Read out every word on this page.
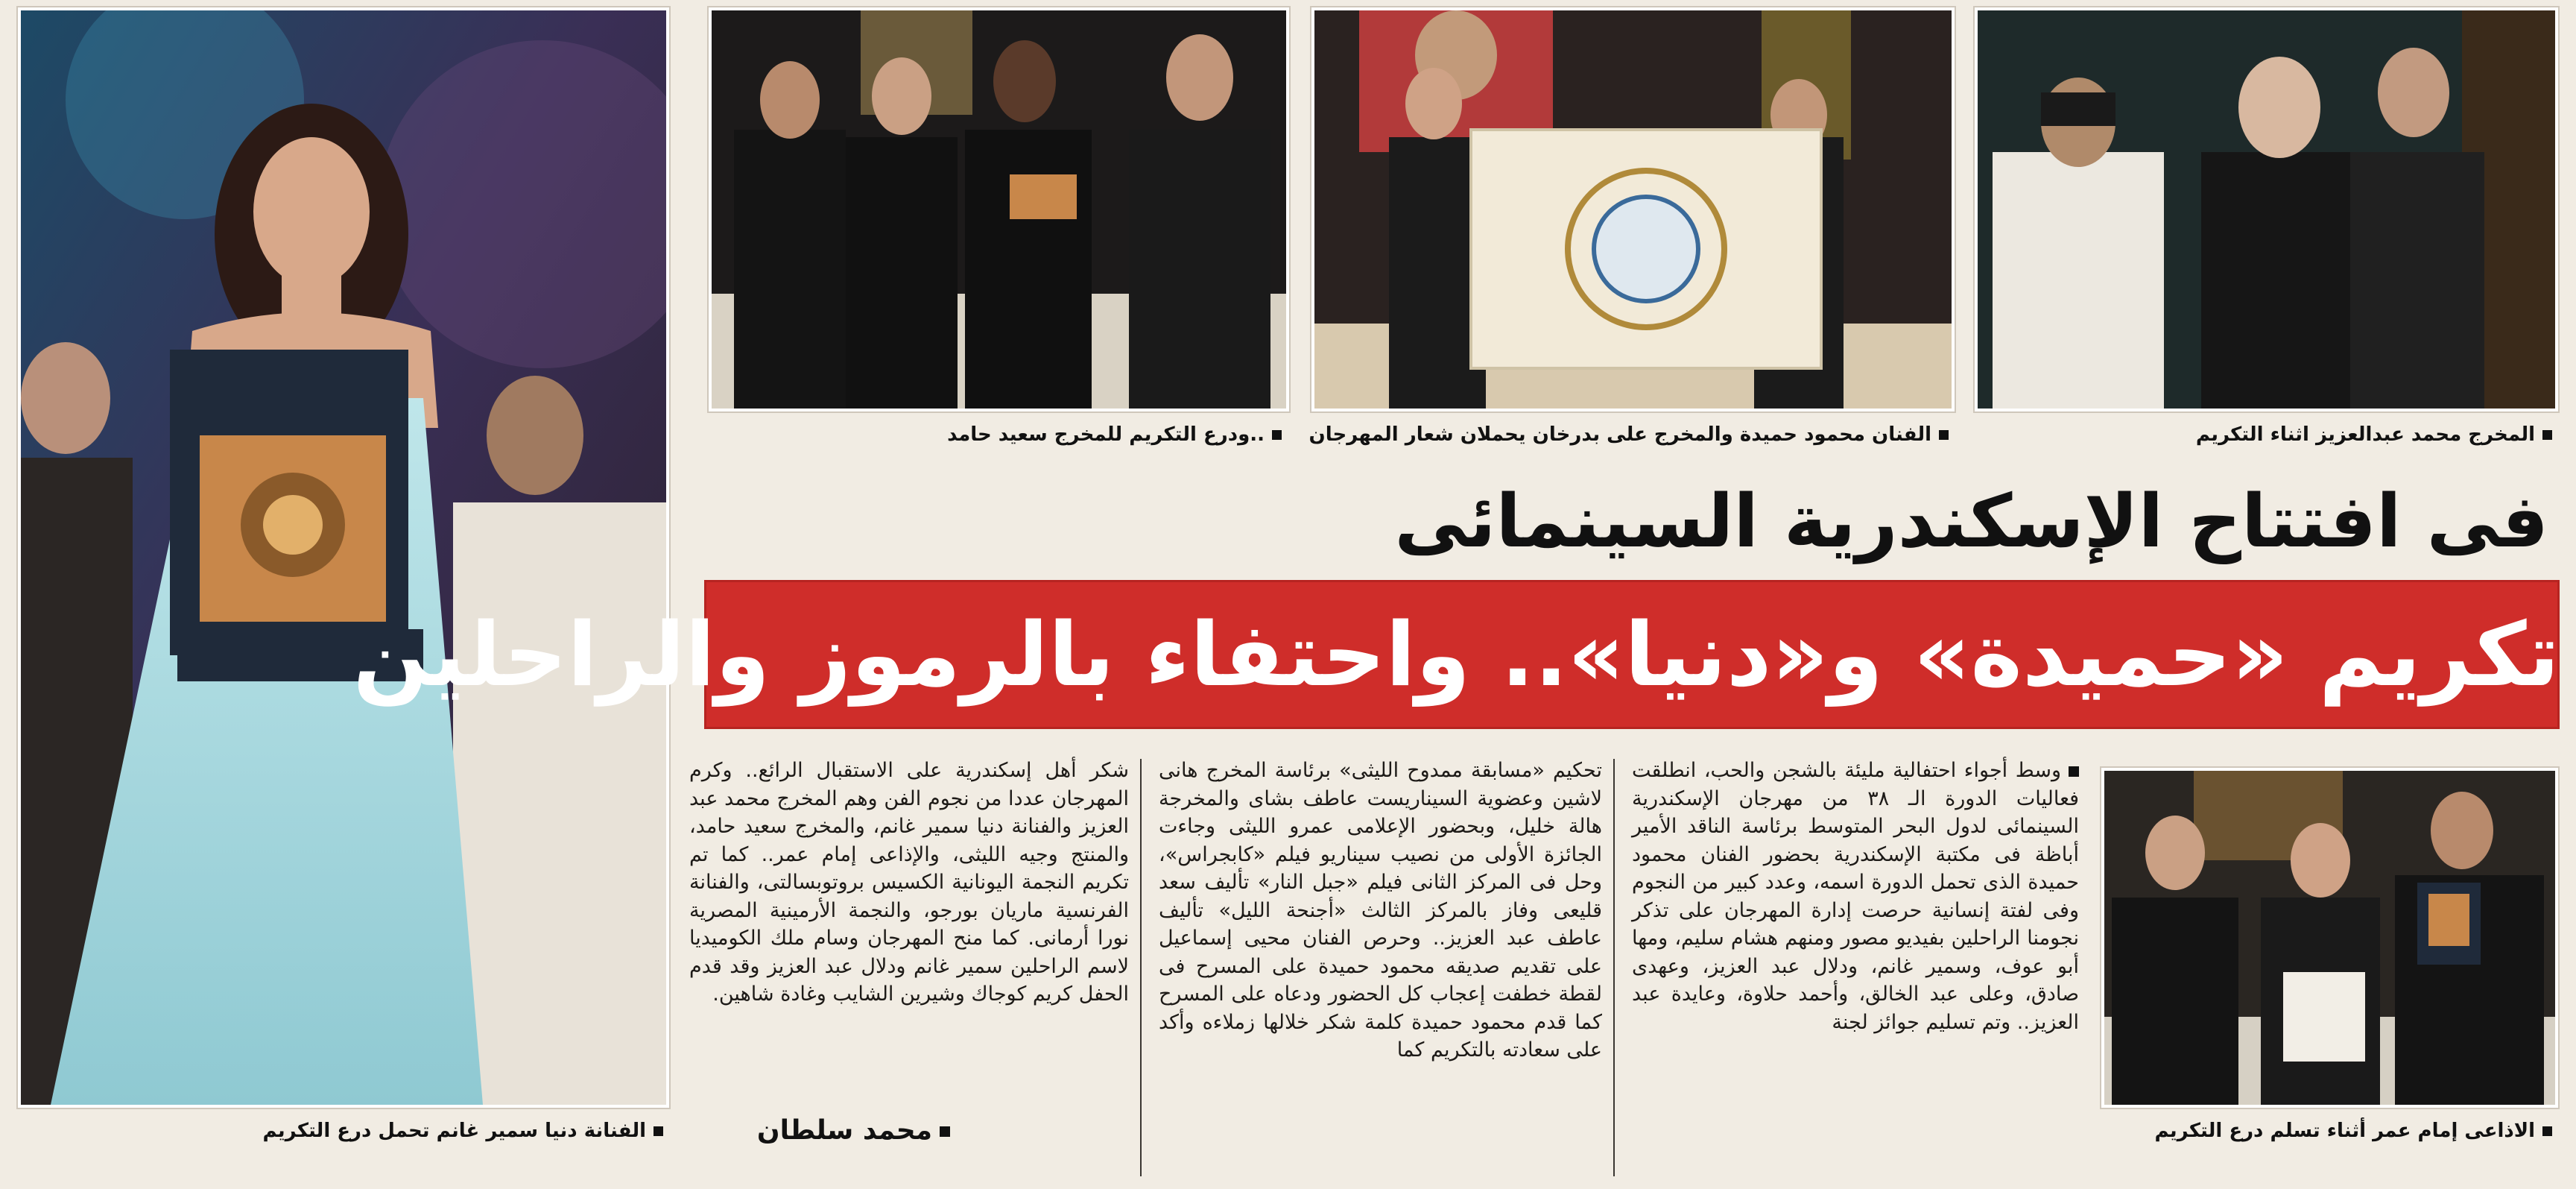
..ودرع التكريم للمخرج سعيد حامد	الفنان محمود حميدة والمخرج على بدرخان يحملان شعار المهرجان	المخرج محمد عبدالعزيز اثناء التكريم
الفنانة دنيا سمير غانم تحمل درع التكريم	الاذاعى إمام عمر أثناء تسلم درع التكريم
فى افتتاح الإسكندرية السينمائى
تكريم «حميدة» و«دنيا».. واحتفاء بالرموز والراحلين
وسط أجواء احتفالية مليئة بالشجن والحب، انطلقت فعاليات الدورة الـ ٣٨ من مهرجان الإسكندرية السينمائى لدول البحر المتوسط برئاسة الناقد الأمير أباظة فى مكتبة الإسكندرية بحضور الفنان محمود حميدة الذى تحمل الدورة اسمه، وعدد كبير من النجوم وفى لفتة إنسانية حرصت إدارة المهرجان على تذكر نجومنا الراحلين بفيديو مصور ومنهم هشام سليم، ومها أبو عوف، وسمير غانم، ودلال عبد العزيز، وعهدى صادق، وعلى عبد الخالق، وأحمد حلاوة، وعايدة عبد العزيز.. وتم تسليم جوائز لجنة
تحكيم «مسابقة ممدوح الليثى» برئاسة المخرج هانى لاشين وعضوية السيناريست عاطف بشاى والمخرجة هالة خليل، وبحضور الإعلامى عمرو الليثى وجاءت الجائزة الأولى من نصيب سيناريو فيلم «كابجراس»، وحل فى المركز الثانى فيلم «جبل النار» تأليف سعد قليعى وفاز بالمركز الثالث «أجنحة الليل» تأليف عاطف عبد العزيز.. وحرص الفنان محيى إسماعيل على تقديم صديقه محمود حميدة على المسرح فى لقطة خطفت إعجاب كل الحضور ودعاه على المسرح كما قدم محمود حميدة كلمة شكر خلالها زملاءه وأكد على سعادته بالتكريم كما
شكر أهل إسكندرية على الاستقبال الرائع.. وكرم المهرجان عددا من نجوم الفن وهم المخرج محمد عبد العزيز والفنانة دنيا سمير غانم، والمخرج سعيد حامد، والمنتج وجيه الليثى، والإذاعى إمام عمر.. كما تم تكريم النجمة اليونانية الكسيس بروتوبسالتى، والفنانة الفرنسية ماريان بورجو، والنجمة الأرمينية المصرية نورا أرمانى. كما منح المهرجان وسام ملك الكوميديا لاسم الراحلين سمير غانم ودلال عبد العزيز وقد قدم الحفل كريم كوجاك وشيرين الشايب وغادة شاهين.
محمد سلطان
